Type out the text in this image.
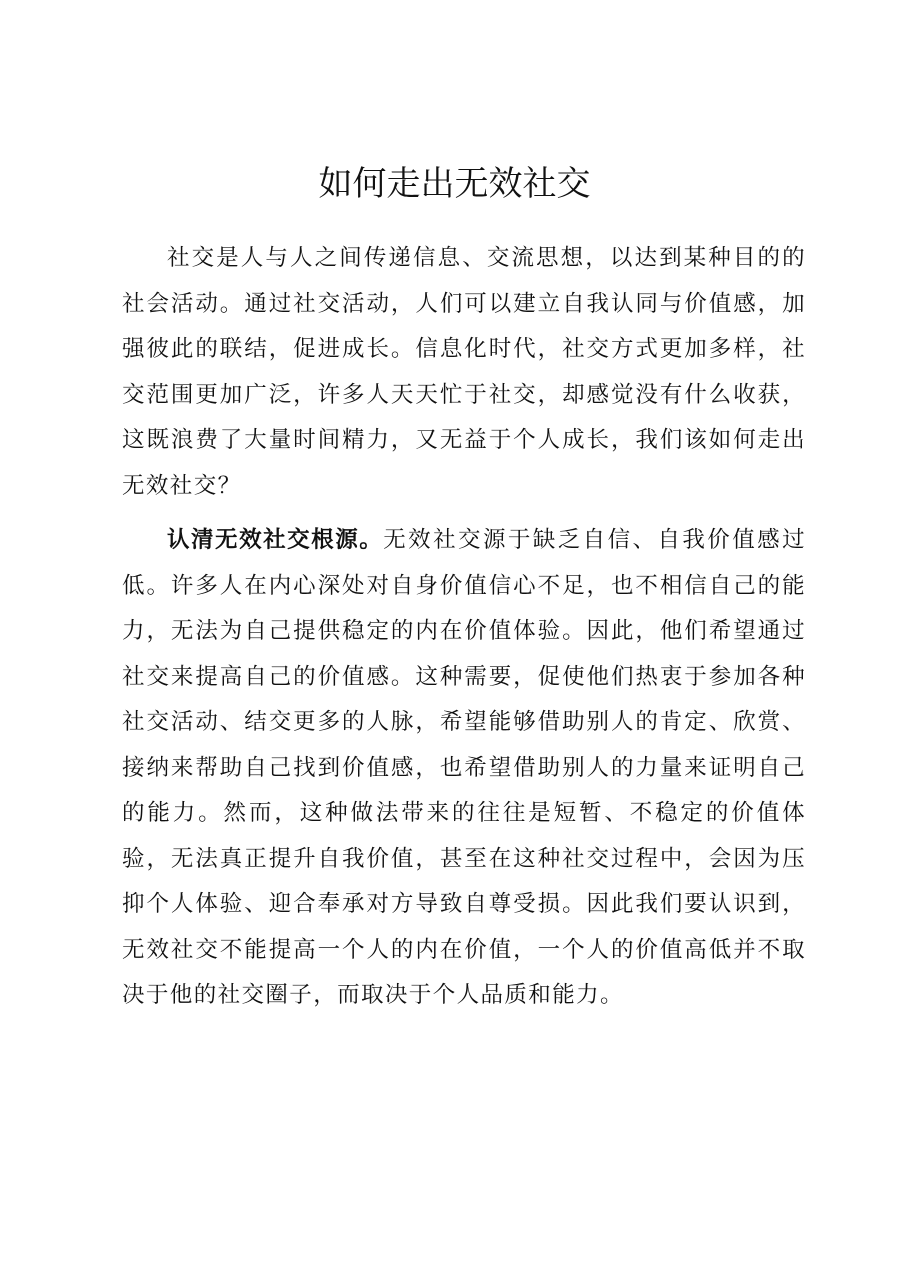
如何走出无效社交

社交是人与人之间传递信息、交流思想，以达到某种目的的社会活动。通过社交活动，人们可以建立自我认同与价值感，加强彼此的联结，促进成长。信息化时代，社交方式更加多样，社交范围更加广泛，许多人天天忙于社交，却感觉没有什么收获，这既浪费了大量时间精力，又无益于个人成长，我们该如何走出无效社交？

认清无效社交根源。无效社交源于缺乏自信、自我价值感过低。许多人在内心深处对自身价值信心不足，也不相信自己的能力，无法为自己提供稳定的内在价值体验。因此，他们希望通过社交来提高自己的价值感。这种需要，促使他们热衷于参加各种社交活动、结交更多的人脉，希望能够借助别人的肯定、欣赏、接纳来帮助自己找到价值感，也希望借助别人的力量来证明自己的能力。然而，这种做法带来的往往是短暂、不稳定的价值体验，无法真正提升自我价值，甚至在这种社交过程中，会因为压抑个人体验、迎合奉承对方导致自尊受损。因此我们要认识到，无效社交不能提高一个人的内在价值，一个人的价值高低并不取决于他的社交圈子，而取决于个人品质和能力。
